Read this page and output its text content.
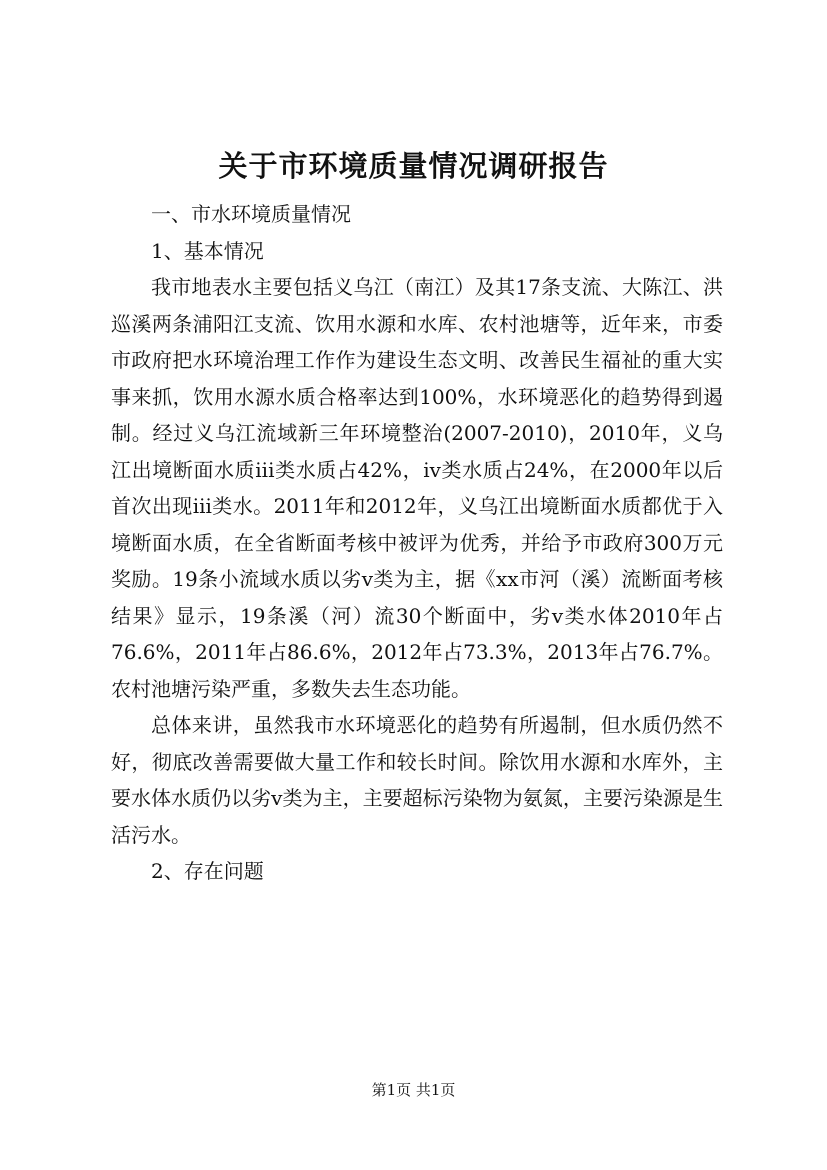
关于市环境质量情况调研报告

一、市水环境质量情况

1、基本情况

我市地表水主要包括义乌江（南江）及其17条支流、大陈江、洪巡溪两条浦阳江支流、饮用水源和水库、农村池塘等，近年来，市委市政府把水环境治理工作作为建设生态文明、改善民生福祉的重大实事来抓，饮用水源水质合格率达到100%，水环境恶化的趋势得到遏制。经过义乌江流域新三年环境整治(2007-2010)，2010年，义乌江出境断面水质iii类水质占42%，iv类水质占24%，在2000年以后首次出现iii类水。2011年和2012年，义乌江出境断面水质都优于入境断面水质，在全省断面考核中被评为优秀，并给予市政府300万元奖励。19条小流域水质以劣v类为主，据《xx市河（溪）流断面考核结果》显示，19条溪（河）流30个断面中，劣v类水体2010年占76.6%，2011年占86.6%，2012年占73.3%，2013年占76.7%。农村池塘污染严重，多数失去生态功能。

总体来讲，虽然我市水环境恶化的趋势有所遏制，但水质仍然不好，彻底改善需要做大量工作和较长时间。除饮用水源和水库外，主要水体水质仍以劣v类为主，主要超标污染物为氨氮，主要污染源是生活污水。

2、存在问题

第1页 共1页
